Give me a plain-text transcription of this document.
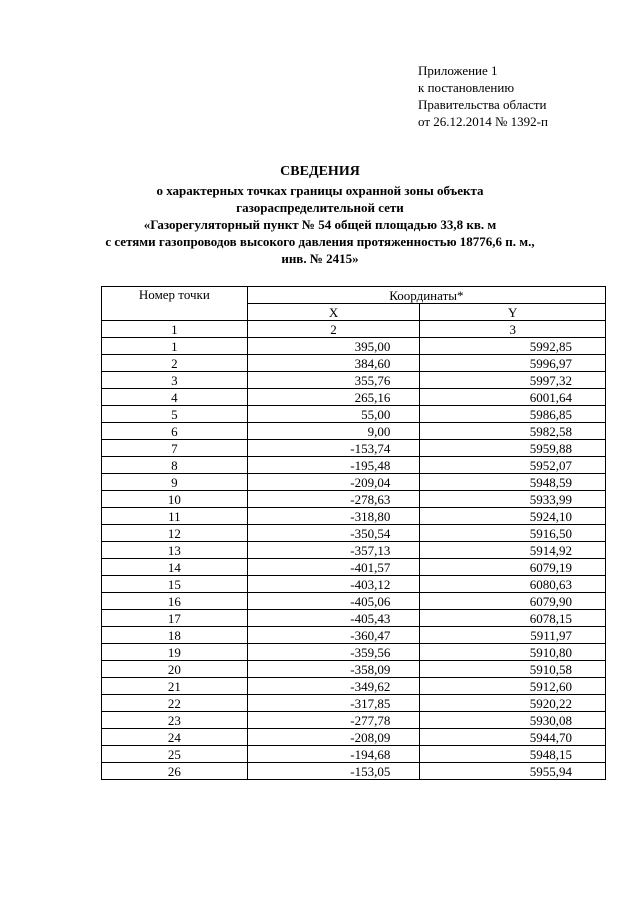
Приложение 1
к постановлению
Правительства области
от 26.12.2014 № 1392-п
СВЕДЕНИЯ
о характерных точках границы охранной зоны объекта
газораспределительной сети
«Газорегуляторный пункт № 54 общей площадью 33,8 кв. м
с сетями газопроводов высокого давления протяженностью 18776,6 п. м.,
инв. № 2415»
Номер точки	Координаты*	
	X	Y
1	2	3
1	395,00	5992,85
2	384,60	5996,97
3	355,76	5997,32
4	265,16	6001,64
5	55,00	5986,85
6	9,00	5982,58
7	-153,74	5959,88
8	-195,48	5952,07
9	-209,04	5948,59
10	-278,63	5933,99
11	-318,80	5924,10
12	-350,54	5916,50
13	-357,13	5914,92
14	-401,57	6079,19
15	-403,12	6080,63
16	-405,06	6079,90
17	-405,43	6078,15
18	-360,47	5911,97
19	-359,56	5910,80
20	-358,09	5910,58
21	-349,62	5912,60
22	-317,85	5920,22
23	-277,78	5930,08
24	-208,09	5944,70
25	-194,68	5948,15
26	-153,05	5955,94
